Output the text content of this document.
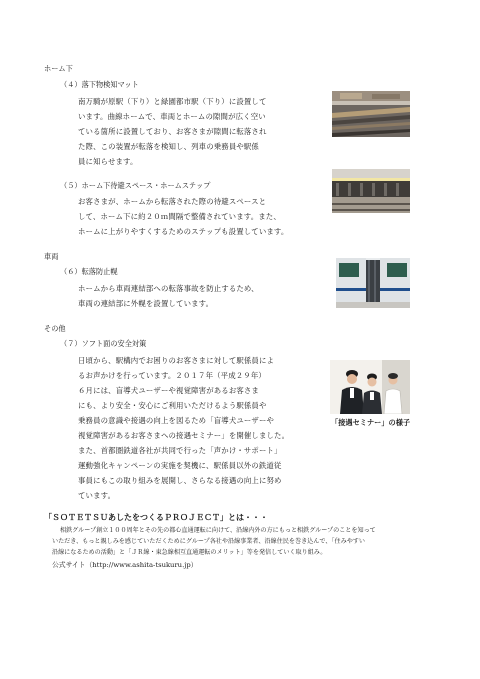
ホーム下
（４）落下物検知マット
南万騎が原駅（下り）と緑園都市駅（下り）に設置して
います。曲線ホームで、車両とホームの隙間が広く空い
ている箇所に設置しており、お客さまが隙間に転落され
た際、この装置が転落を検知し、列車の乗務員や駅係
員に知らせます。
（５）ホーム下待避スペース・ホームステップ
お客さまが、ホームから転落された際の待避スペースと
して、ホーム下に約２０ｍ間隔で整備されています。また、
ホームに上がりやすくするためのステップも設置しています。
車両
（６）転落防止幌
ホームから車両連結部への転落事故を防止するため、
車両の連結部に外幌を設置しています。
その他
（７）ソフト面の安全対策
日頃から、駅構内でお困りのお客さまに対して駅係員によ
るお声かけを行っています。２０１７年（平成２９年）
６月には、盲導犬ユーザーや視覚障害があるお客さま
にも、より安全・安心にご利用いただけるよう駅係員や
乗務員の意識や接遇の向上を図るため「盲導犬ユーザーや
視覚障害があるお客さまへの接遇セミナー」を開催しました。
また、首都圏鉄道各社が共同で行った「声かけ・サポート」
運動強化キャンペーンの実施を契機に、駅係員以外の鉄道従
事員にもこの取り組みを展開し、さらなる接遇の向上に努め
ています。
「接遇セミナー」の様子
「ＳＯＴＥＴＳＵあしたをつくるＰＲＯＪＥＣＴ」とは・・・
相鉄グループ創立１００周年とその先の都心直通運転に向けて、沿線内外の方にもっと相鉄グループのことを知って
いただき、もっと親しみを感じていただくためにグループ各社や沿線事業者、沿線住民を巻き込んで、「住みやすい
沿線になるための活動」と「ＪＲ線・東急線相互直通運転のメリット」等を発信していく取り組み。
公式サイト（http://www.ashita-tsukuru.jp）
